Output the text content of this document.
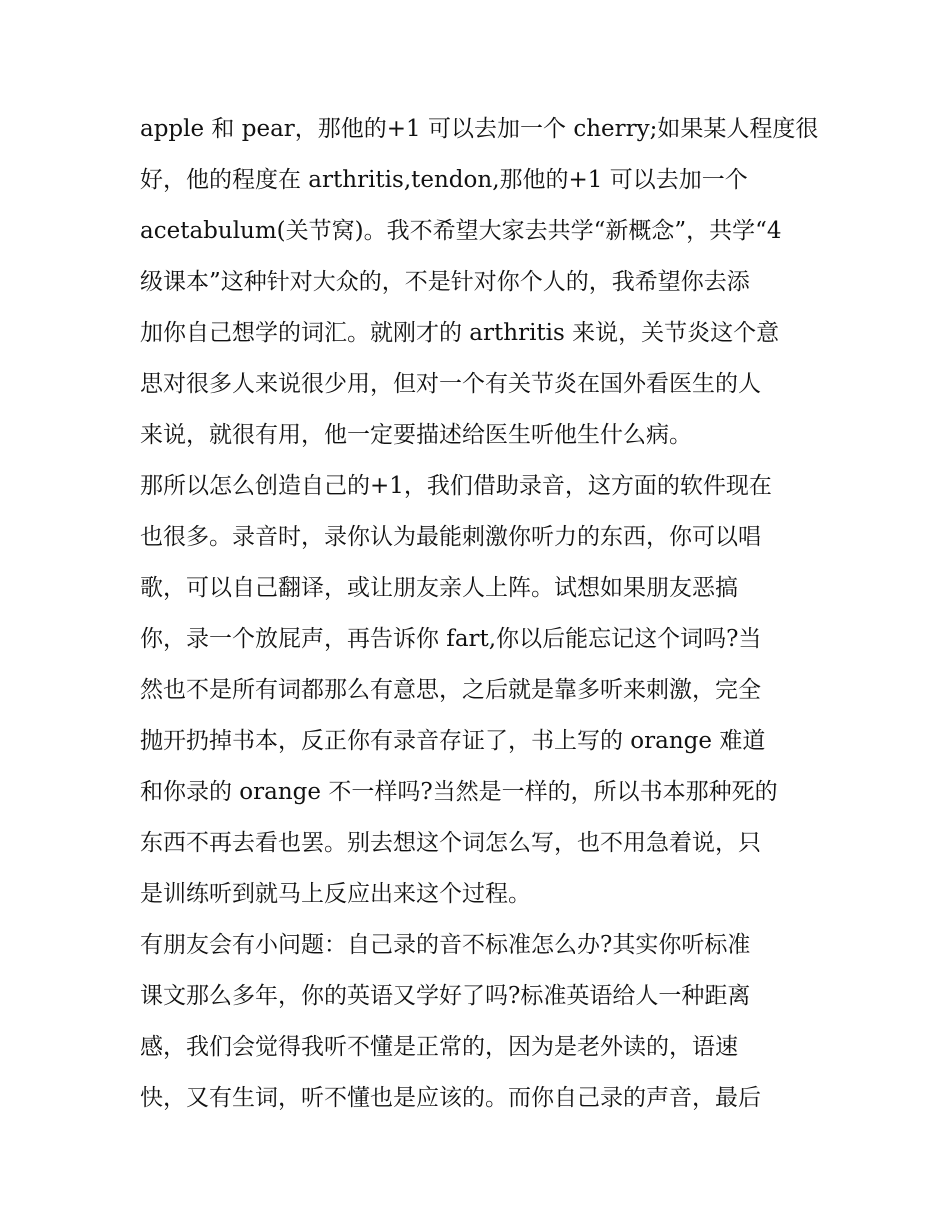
apple 和 pear，那他的+1 可以去加一个 cherry;如果某人程度很
好，他的程度在 arthritis,tendon,那他的+1 可以去加一个
acetabulum(关节窝)。我不希望大家去共学“新概念”，共学“4
级课本”这种针对大众的，不是针对你个人的，我希望你去添
加你自己想学的词汇。就刚才的 arthritis 来说，关节炎这个意
思对很多人来说很少用，但对一个有关节炎在国外看医生的人
来说，就很有用，他一定要描述给医生听他生什么病。
那所以怎么创造自己的+1，我们借助录音，这方面的软件现在
也很多。录音时，录你认为最能刺激你听力的东西，你可以唱
歌，可以自己翻译，或让朋友亲人上阵。试想如果朋友恶搞
你，录一个放屁声，再告诉你 fart,你以后能忘记这个词吗?当
然也不是所有词都那么有意思，之后就是靠多听来刺激，完全
抛开扔掉书本，反正你有录音存证了，书上写的 orange 难道
和你录的 orange 不一样吗?当然是一样的，所以书本那种死的
东西不再去看也罢。别去想这个词怎么写，也不用急着说，只
是训练听到就马上反应出来这个过程。
有朋友会有小问题：自己录的音不标准怎么办?其实你听标准
课文那么多年，你的英语又学好了吗?标准英语给人一种距离
感，我们会觉得我听不懂是正常的，因为是老外读的，语速
快，又有生词，听不懂也是应该的。而你自己录的声音，最后
